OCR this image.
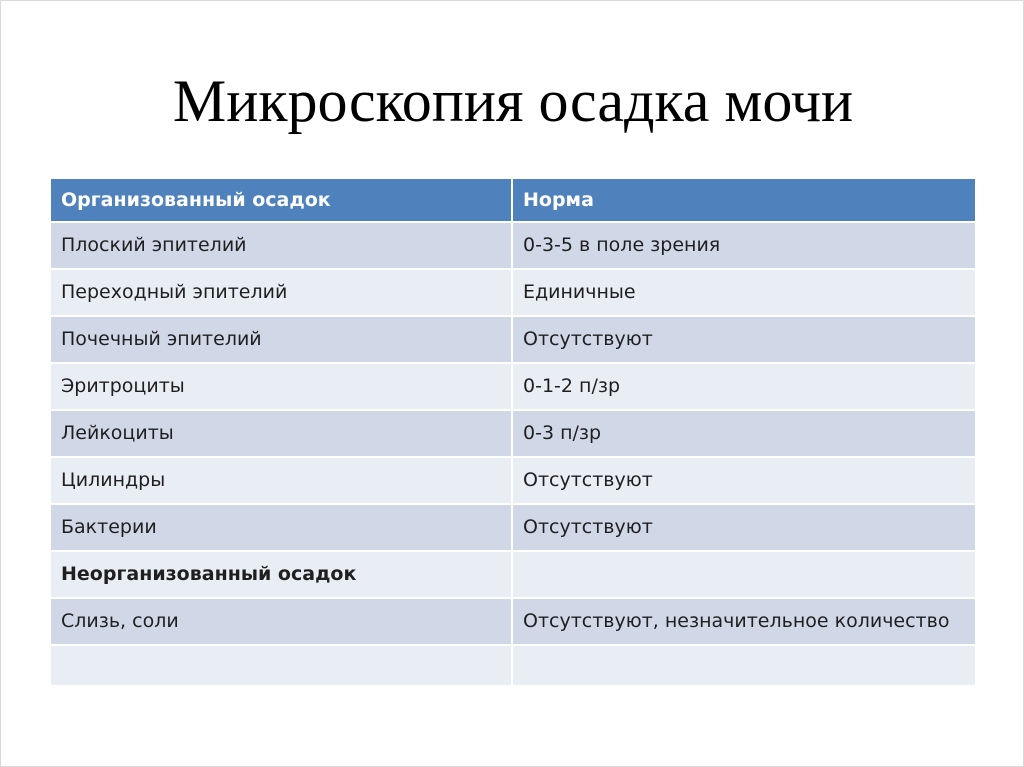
Микроскопия осадка мочи
Организованный осадок	Норма
Плоский эпителий	0-3-5 в поле зрения
Переходный эпителий	Единичные
Почечный эпителий	Отсутствуют
Эритроциты	0-1-2 п/зр
Лейкоциты	0-3 п/зр
Цилиндры	Отсутствуют
Бактерии	Отсутствуют
Неорганизованный осадок	
Слизь, соли	Отсутствуют, незначительное количество
